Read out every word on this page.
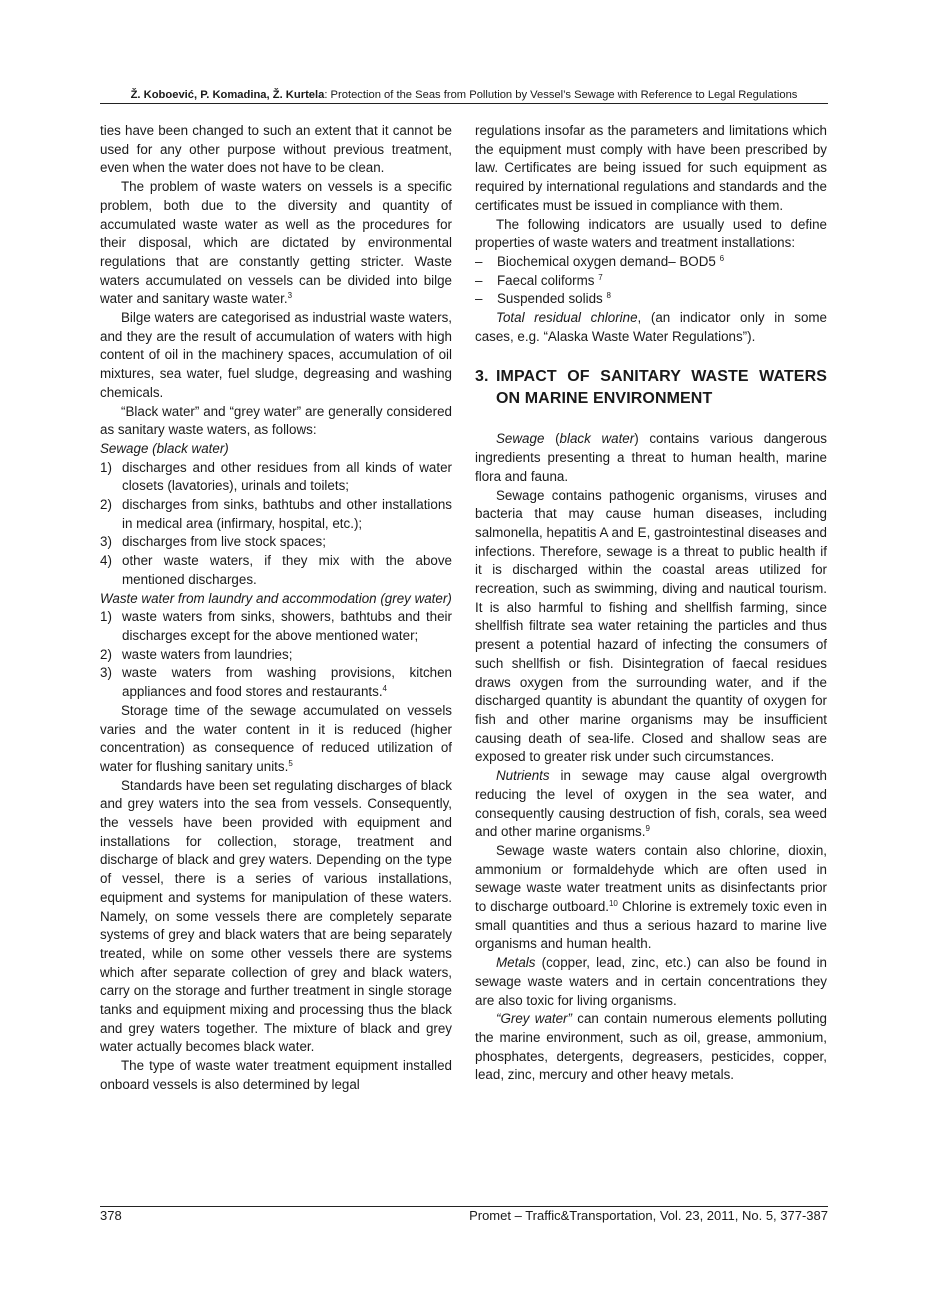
Ž. Koboević, P. Komadina, Ž. Kurtela: Protection of the Seas from Pollution by Vessel’s Sewage with Reference to Legal Regulations

ties have been changed to such an extent that it cannot be used for any other purpose without previous treatment, even when the water does not have to be clean.

The problem of waste waters on vessels is a specific problem, both due to the diversity and quantity of accumulated waste water as well as the procedures for their disposal, which are dictated by environmental regulations that are constantly getting stricter. Waste waters accumulated on vessels can be divided into bilge water and sanitary waste water.$^3$

Bilge waters are categorised as industrial waste waters, and they are the result of accumulation of waters with high content of oil in the machinery spaces, accumulation of oil mixtures, sea water, fuel sludge, degreasing and washing chemicals.

“Black water” and “grey water” are generally considered as sanitary waste waters, as follows:

Sewage (black water)

1) discharges and other residues from all kinds of water closets (lavatories), urinals and toilets;
2) discharges from sinks, bathtubs and other installations in medical area (infirmary, hospital, etc.);
3) discharges from live stock spaces;
4) other waste waters, if they mix with the above mentioned discharges.

Waste water from laundry and accommodation (grey water)

1) waste waters from sinks, showers, bathtubs and their discharges except for the above mentioned water;
2) waste waters from laundries;
3) waste waters from washing provisions, kitchen appliances and food stores and restaurants.$^4$

Storage time of the sewage accumulated on vessels varies and the water content in it is reduced (higher concentration) as consequence of reduced utilization of water for flushing sanitary units.$^5$

Standards have been set regulating discharges of black and grey waters into the sea from vessels. Consequently, the vessels have been provided with equipment and installations for collection, storage, treatment and discharge of black and grey waters. Depending on the type of vessel, there is a series of various installations, equipment and systems for manipulation of these waters. Namely, on some vessels there are completely separate systems of grey and black waters that are being separately treated, while on some other vessels there are systems which after separate collection of grey and black waters, carry on the storage and further treatment in single storage tanks and equipment mixing and processing thus the black and grey waters together. The mixture of black and grey water actually becomes black water.

The type of waste water treatment equipment installed onboard vessels is also determined by legal

regulations insofar as the parameters and limitations which the equipment must comply with have been prescribed by law. Certificates are being issued for such equipment as required by international regulations and standards and the certificates must be issued in compliance with them.

The following indicators are usually used to define properties of waste waters and treatment installations:

–	Biochemical oxygen demand– BOD5 $^6$
–	Faecal coliforms $^7$
–	Suspended solids $^8$

Total residual chlorine, (an indicator only in some cases, e.g. “Alaska Waste Water Regulations”).

3. IMPACT OF SANITARY WASTE WATERS ON MARINE ENVIRONMENT

Sewage (black water) contains various dangerous ingredients presenting a threat to human health, marine flora and fauna.

Sewage contains pathogenic organisms, viruses and bacteria that may cause human diseases, including salmonella, hepatitis A and E, gastrointestinal diseases and infections. Therefore, sewage is a threat to public health if it is discharged within the coastal areas utilized for recreation, such as swimming, diving and nautical tourism. It is also harmful to fishing and shellfish farming, since shellfish filtrate sea water retaining the particles and thus present a potential hazard of infecting the consumers of such shellfish or fish. Disintegration of faecal residues draws oxygen from the surrounding water, and if the discharged quantity is abundant the quantity of oxygen for fish and other marine organisms may be insufficient causing death of sea-life. Closed and shallow seas are exposed to greater risk under such circumstances.

Nutrients in sewage may cause algal overgrowth reducing the level of oxygen in the sea water, and consequently causing destruction of fish, corals, sea weed and other marine organisms.$^9$

Sewage waste waters contain also chlorine, dioxin, ammonium or formaldehyde which are often used in sewage waste water treatment units as disinfectants prior to discharge outboard.$^{10}$ Chlorine is extremely toxic even in small quantities and thus a serious hazard to marine live organisms and human health.

Metals (copper, lead, zinc, etc.) can also be found in sewage waste waters and in certain concentrations they are also toxic for living organisms.

“Grey water” can contain numerous elements polluting the marine environment, such as oil, grease, ammonium, phosphates, detergents, degreasers, pesticides, copper, lead, zinc, mercury and other heavy metals.

378	Promet – Traffic&Transportation, Vol. 23, 2011, No. 5, 377-387
